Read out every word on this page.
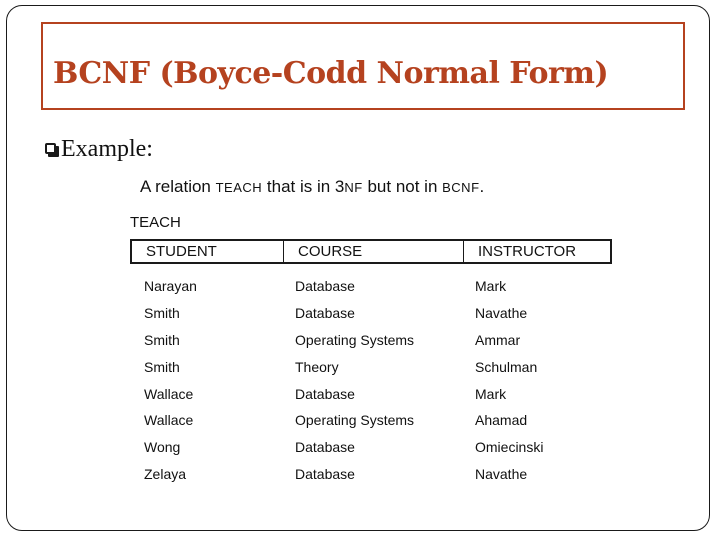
BCNF (Boyce-Codd Normal Form)
Example:
A relation TEACH that is in 3NF but not in BCNF.
TEACH
STUDENT	COURSE	INSTRUCTOR
Narayan	Database	Mark
Smith	Database	Navathe
Smith	Operating Systems	Ammar
Smith	Theory	Schulman
Wallace	Database	Mark
Wallace	Operating Systems	Ahamad
Wong	Database	Omiecinski
Zelaya	Database	Navathe
